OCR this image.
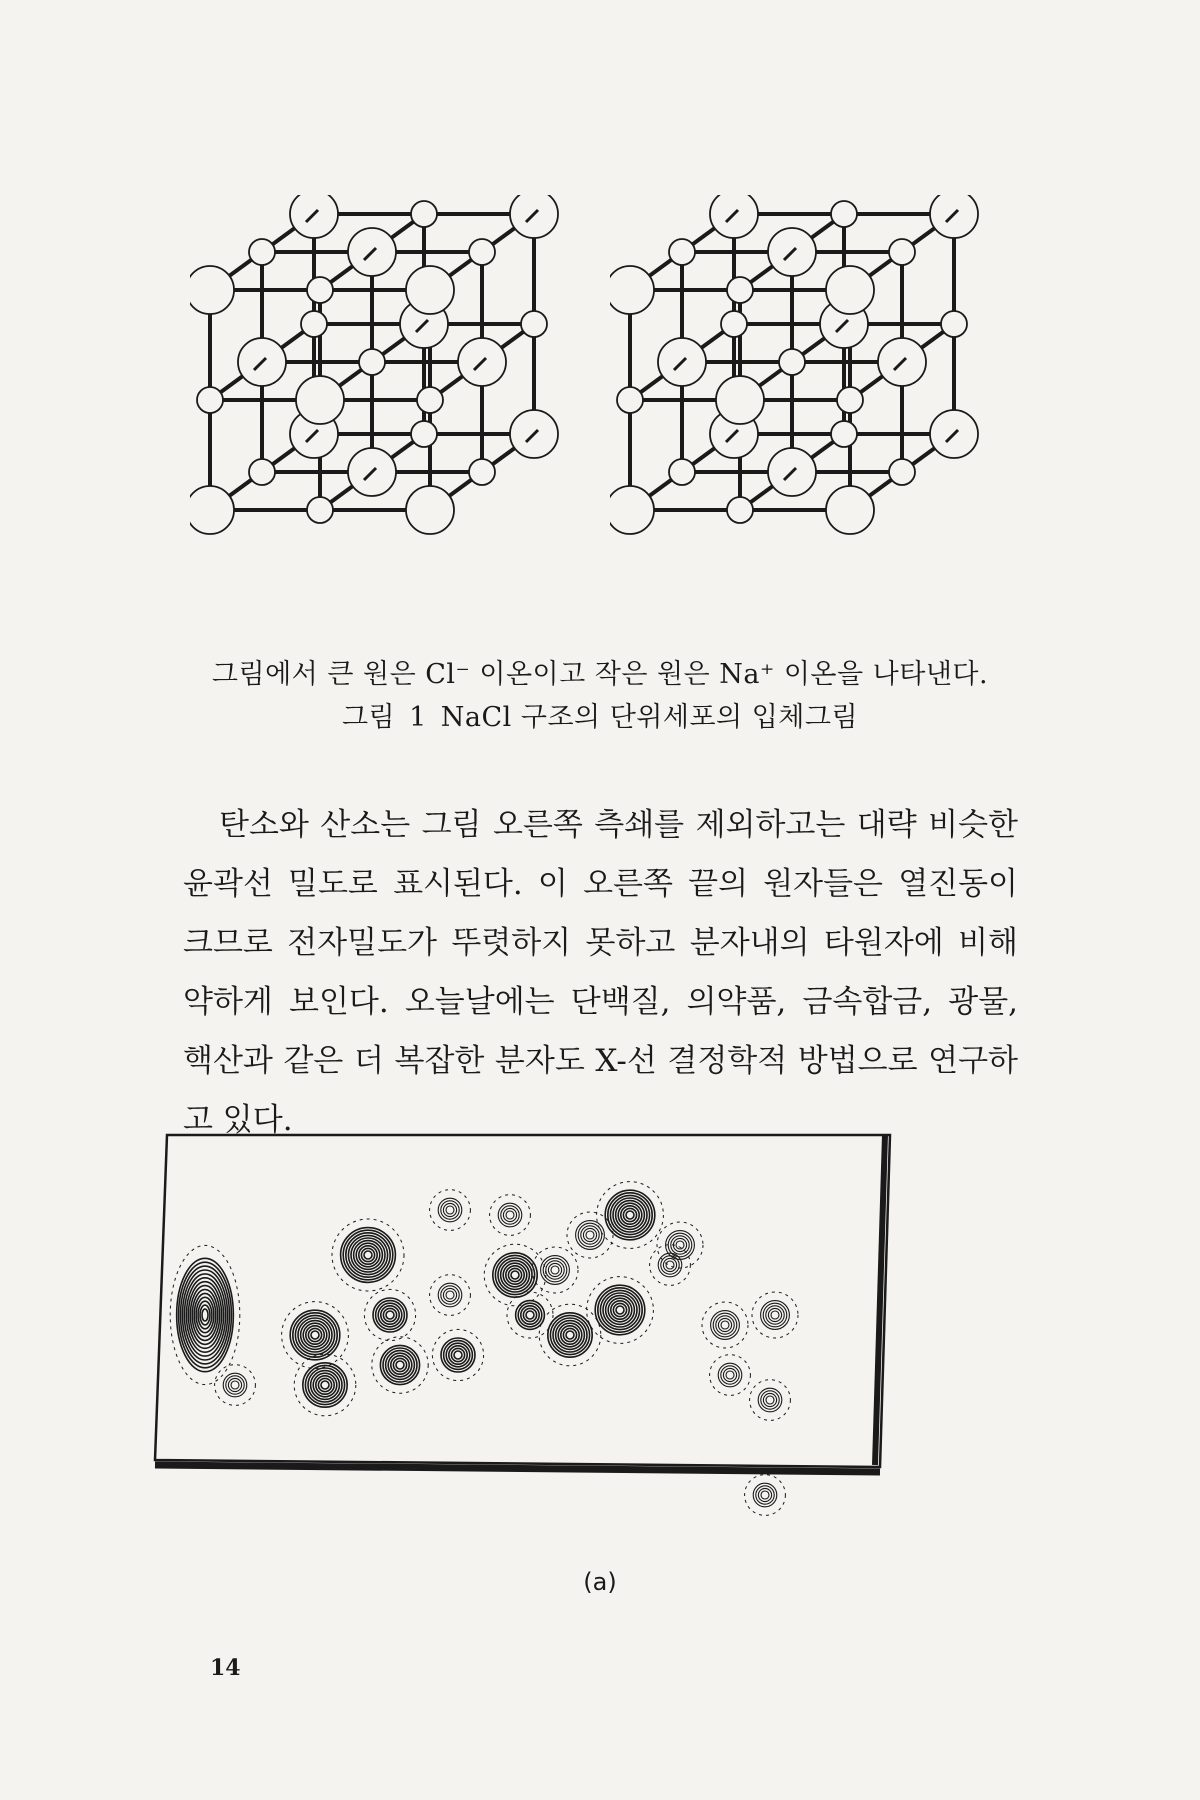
그림에서 큰 원은 Cl⁻ 이온이고 작은 원은 Na⁺ 이온을 나타낸다.
그림 1 NaCl 구조의 단위세포의 입체그림

탄소와 산소는 그림 오른쪽 측쇄를 제외하고는 대략 비슷한 윤곽선 밀도로 표시된다. 이 오른쪽 끝의 원자들은 열진동이 크므로 전자밀도가 뚜렷하지 못하고 분자내의 타원자에 비해 약하게 보인다. 오늘날에는 단백질, 의약품, 금속합금, 광물, 핵산과 같은 더 복잡한 분자도 X-선 결정학적 방법으로 연구하고 있다.

(a)
14
